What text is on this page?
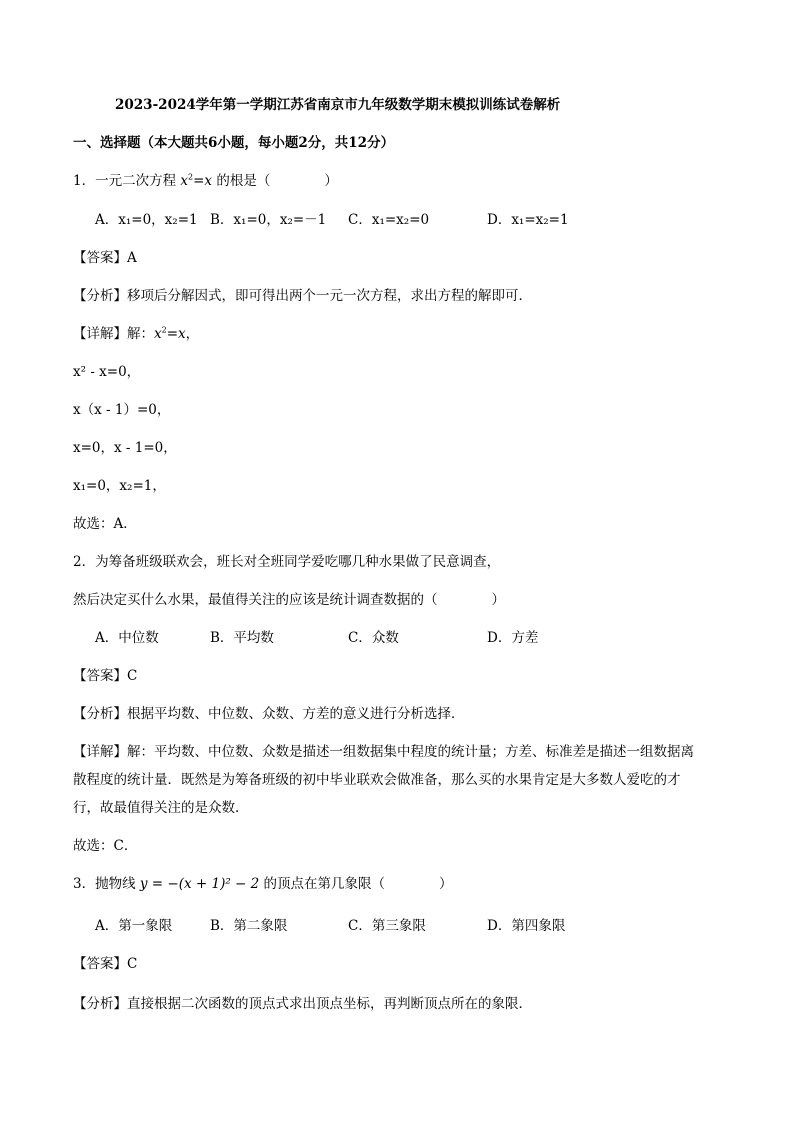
2023-2024学年第一学期江苏省南京市九年级数学期末模拟训练试卷解析
一、选择题（本大题共6小题，每小题2分，共12分）
1．一元二次方程 $x^2=x$ 的根是（　　　　）
A．x₁=0，x₂=1 B．x₁=0，x₂=－1 C．x₁=x₂=0	D．x₁=x₂=1
【答案】A
【分析】移项后分解因式，即可得出两个一元一次方程，求出方程的解即可．
【详解】解：$x^2=x$，
x² - x=0，
x（x - 1）=0，
x=0，x - 1=0，
x₁=0，x₂=1，
故选：A．
2．为筹备班级联欢会，班长对全班同学爱吃哪几种水果做了民意调查，
然后决定买什么水果，最值得关注的应该是统计调查数据的（　　　　）
A．中位数	B．平均数	C．众数	D．方差
【答案】C
【分析】根据平均数、中位数、众数、方差的意义进行分析选择．
【详解】解：平均数、中位数、众数是描述一组数据集中程度的统计量；方差、标准差是描述一组数据离
散程度的统计量．既然是为筹备班级的初中毕业联欢会做准备，那么买的水果肯定是大多数人爱吃的才
行，故最值得关注的是众数．
故选：C．
3．抛物线 y = −(x + 1)² − 2 的顶点在第几象限（　　　　）
A．第一象限	B．第二象限	C．第三象限	D．第四象限
【答案】C
【分析】直接根据二次函数的顶点式求出顶点坐标，再判断顶点所在的象限．
